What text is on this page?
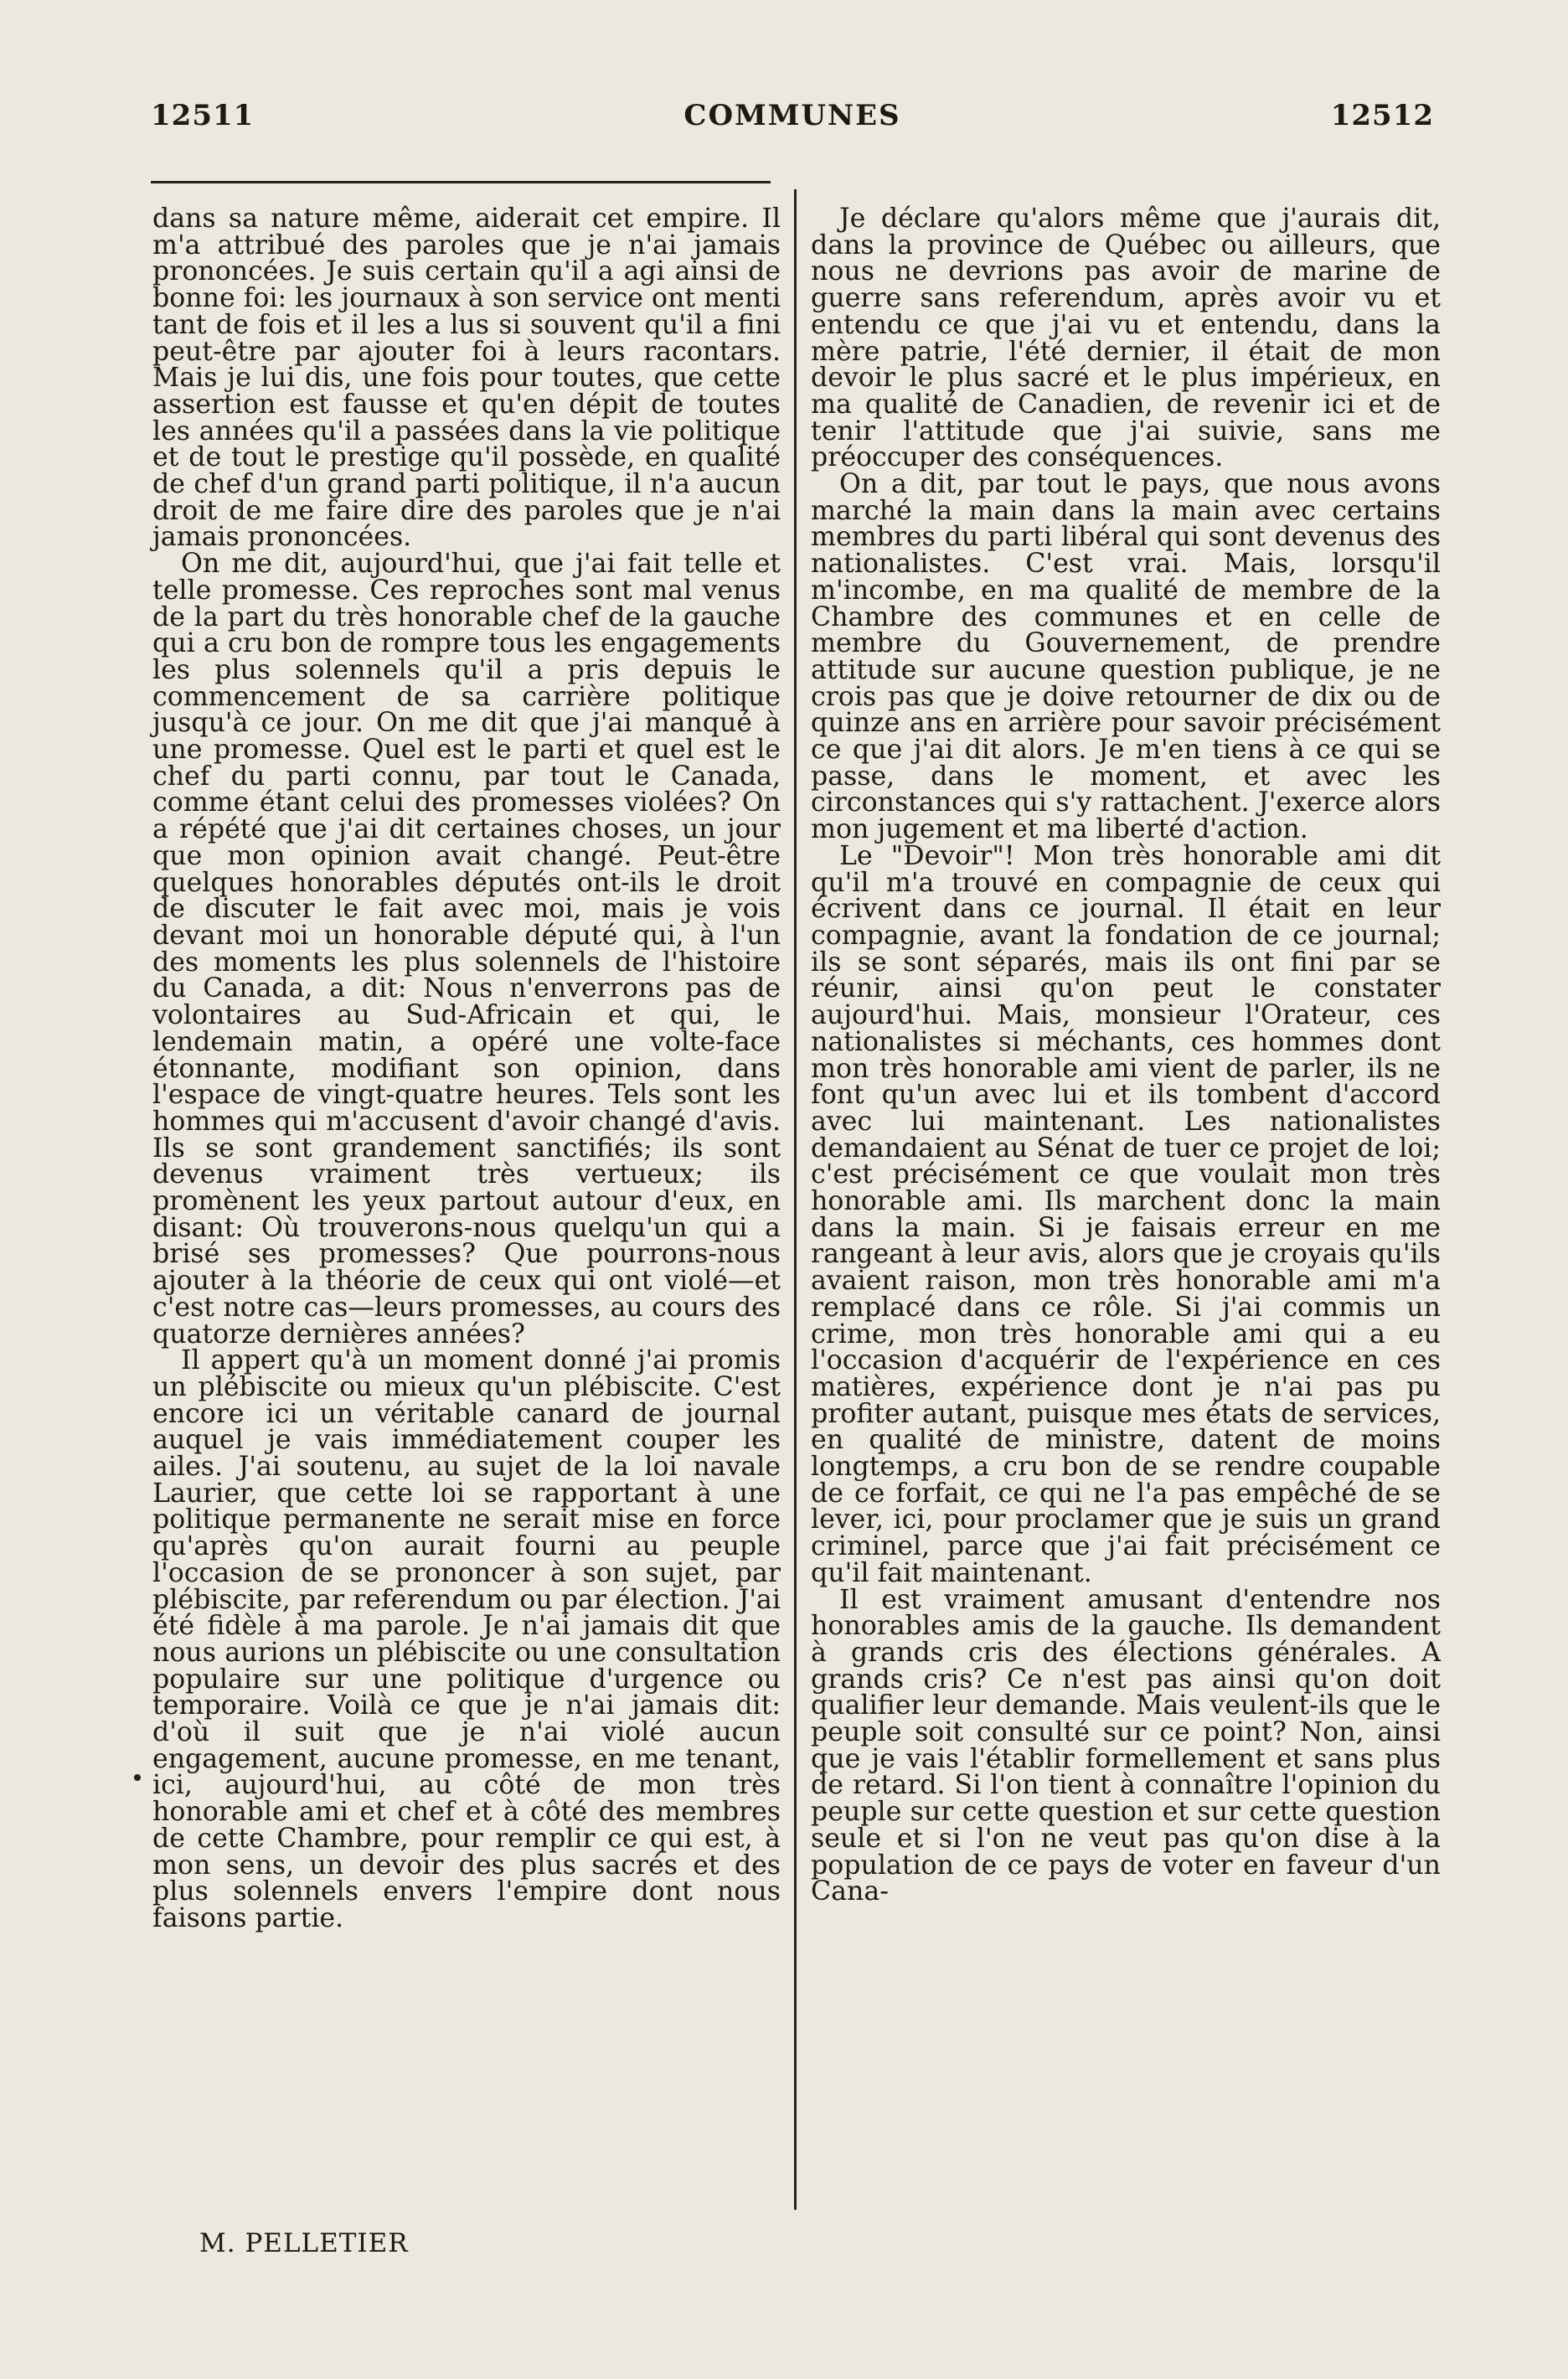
12511	COMMUNES	12512

dans sa nature même, aiderait cet empire. Il m'a attribué des paroles que je n'ai jamais prononcées. Je suis certain qu'il a agi ainsi de bonne foi: les journaux à son service ont menti tant de fois et il les a lus si souvent qu'il a fini peut-être par ajouter foi à leurs racontars. Mais je lui dis, une fois pour toutes, que cette assertion est fausse et qu'en dépit de toutes les années qu'il a passées dans la vie politique et de tout le prestige qu'il possède, en qualité de chef d'un grand parti politique, il n'a aucun droit de me faire dire des paroles que je n'ai jamais prononcées.

On me dit, aujourd'hui, que j'ai fait telle et telle promesse. Ces reproches sont mal venus de la part du très honorable chef de la gauche qui a cru bon de rompre tous les engagements les plus solennels qu'il a pris depuis le commencement de sa carrière politique jusqu'à ce jour. On me dit que j'ai manqué à une promesse. Quel est le parti et quel est le chef du parti connu, par tout le Canada, comme étant celui des promesses violées? On a répété que j'ai dit certaines choses, un jour que mon opinion avait changé. Peut-être quelques honorables députés ont-ils le droit de discuter le fait avec moi, mais je vois devant moi un honorable député qui, à l'un des moments les plus solennels de l'histoire du Canada, a dit: Nous n'enverrons pas de volontaires au Sud-Africain et qui, le lendemain matin, a opéré une volte-face étonnante, modifiant son opinion, dans l'espace de vingt-quatre heures. Tels sont les hommes qui m'accusent d'avoir changé d'avis. Ils se sont grandement sanctifiés; ils sont devenus vraiment très vertueux; ils promènent les yeux partout autour d'eux, en disant: Où trouverons-nous quelqu'un qui a brisé ses promesses? Que pourrons-nous ajouter à la théorie de ceux qui ont violé—et c'est notre cas—leurs promesses, au cours des quatorze dernières années?

Il appert qu'à un moment donné j'ai promis un plébiscite ou mieux qu'un plébiscite. C'est encore ici un véritable canard de journal auquel je vais immédiatement couper les ailes. J'ai soutenu, au sujet de la loi navale Laurier, que cette loi se rapportant à une politique permanente ne serait mise en force qu'après qu'on aurait fourni au peuple l'occasion de se prononcer à son sujet, par plébiscite, par referendum ou par élection. J'ai été fidèle à ma parole. Je n'ai jamais dit que nous aurions un plébiscite ou une consultation populaire sur une politique d'urgence ou temporaire. Voilà ce que je n'ai jamais dit: d'où il suit que je n'ai violé aucun engagement, aucune promesse, en me tenant, ici, aujourd'hui, au côté de mon très honorable ami et chef et à côté des membres de cette Chambre, pour remplir ce qui est, à mon sens, un devoir des plus sacrés et des plus solennels envers l'empire dont nous faisons partie.

M. PELLETIER

Je déclare qu'alors même que j'aurais dit, dans la province de Québec ou ailleurs, que nous ne devrions pas avoir de marine de guerre sans referendum, après avoir vu et entendu ce que j'ai vu et entendu, dans la mère patrie, l'été dernier, il était de mon devoir le plus sacré et le plus impérieux, en ma qualité de Canadien, de revenir ici et de tenir l'attitude que j'ai suivie, sans me préoccuper des conséquences.

On a dit, par tout le pays, que nous avons marché la main dans la main avec certains membres du parti libéral qui sont devenus des nationalistes. C'est vrai. Mais, lorsqu'il m'incombe, en ma qualité de membre de la Chambre des communes et en celle de membre du Gouvernement, de prendre attitude sur aucune question publique, je ne crois pas que je doive retourner de dix ou de quinze ans en arrière pour savoir précisément ce que j'ai dit alors. Je m'en tiens à ce qui se passe, dans le moment, et avec les circonstances qui s'y rattachent. J'exerce alors mon jugement et ma liberté d'action.

Le "Devoir"! Mon très honorable ami dit qu'il m'a trouvé en compagnie de ceux qui écrivent dans ce journal. Il était en leur compagnie, avant la fondation de ce journal; ils se sont séparés, mais ils ont fini par se réunir, ainsi qu'on peut le constater aujourd'hui. Mais, monsieur l'Orateur, ces nationalistes si méchants, ces hommes dont mon très honorable ami vient de parler, ils ne font qu'un avec lui et ils tombent d'accord avec lui maintenant. Les nationalistes demandaient au Sénat de tuer ce projet de loi; c'est précisément ce que voulait mon très honorable ami. Ils marchent donc la main dans la main. Si je faisais erreur en me rangeant à leur avis, alors que je croyais qu'ils avaient raison, mon très honorable ami m'a remplacé dans ce rôle. Si j'ai commis un crime, mon très honorable ami qui a eu l'occasion d'acquérir de l'expérience en ces matières, expérience dont je n'ai pas pu profiter autant, puisque mes états de services, en qualité de ministre, datent de moins longtemps, a cru bon de se rendre coupable de ce forfait, ce qui ne l'a pas empêché de se lever, ici, pour proclamer que je suis un grand criminel, parce que j'ai fait précisément ce qu'il fait maintenant.

Il est vraiment amusant d'entendre nos honorables amis de la gauche. Ils demandent à grands cris des élections générales. A grands cris? Ce n'est pas ainsi qu'on doit qualifier leur demande. Mais veulent-ils que le peuple soit consulté sur ce point? Non, ainsi que je vais l'établir formellement et sans plus de retard. Si l'on tient à connaître l'opinion du peuple sur cette question et sur cette question seule et si l'on ne veut pas qu'on dise à la population de ce pays de voter en faveur d'un Cana-
